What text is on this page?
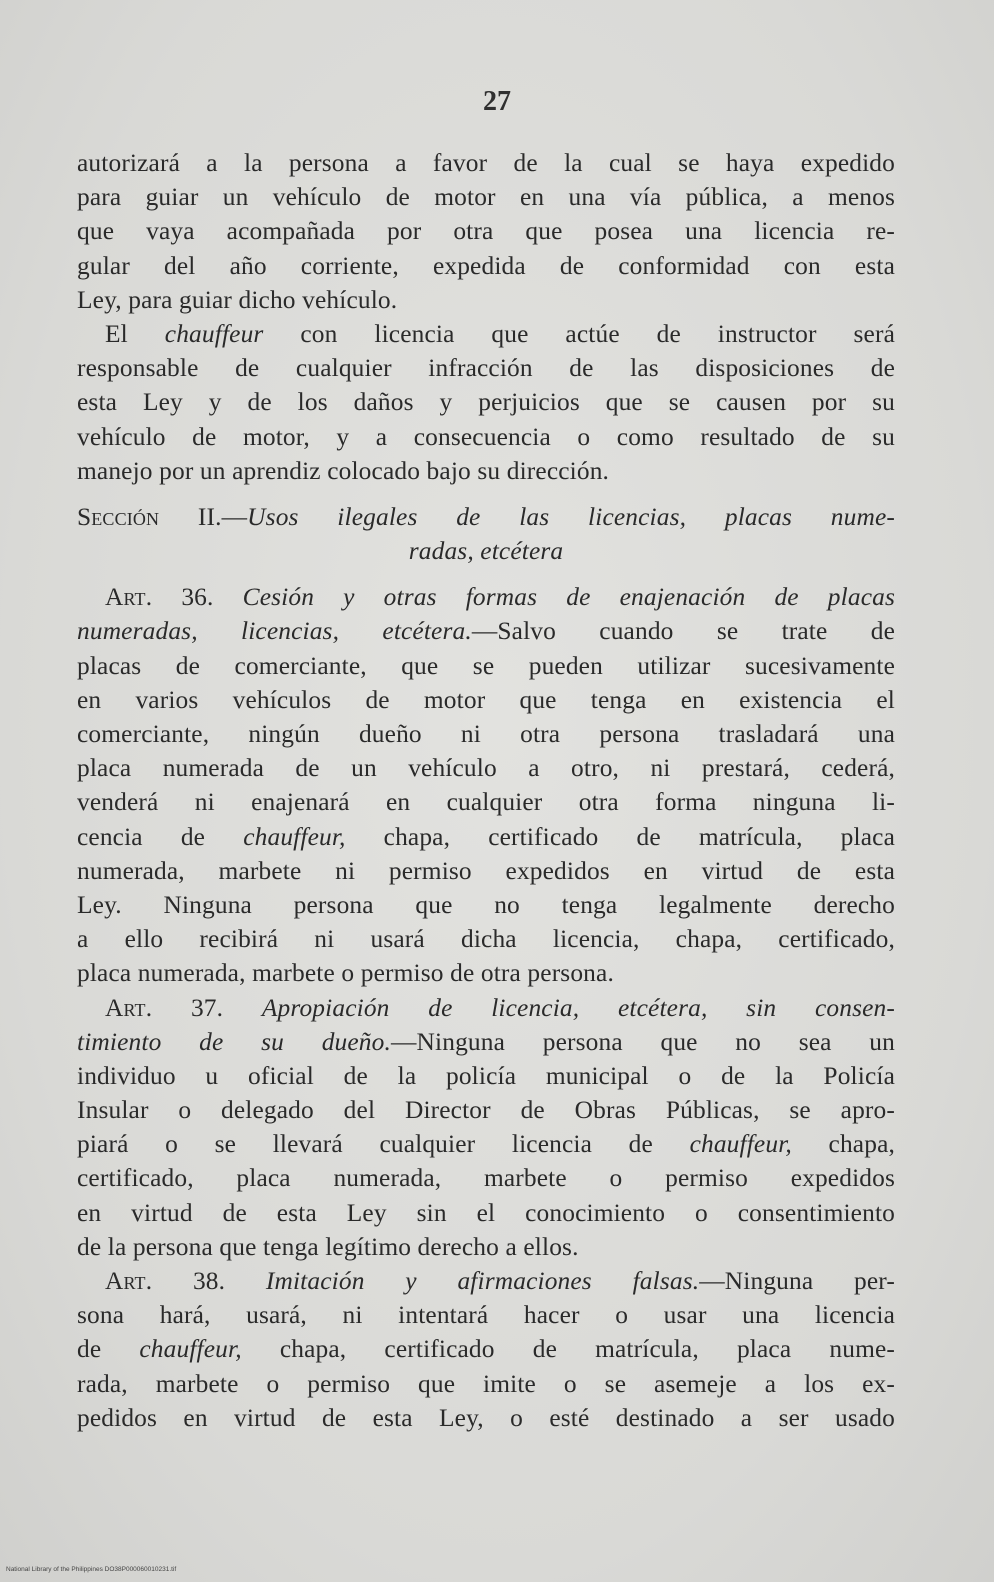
27
autorizará a la persona a favor de la cual se haya expedido
para guiar un vehículo de motor en una vía pública, a menos
que vaya acompañada por otra que posea una licencia re-
gular del año corriente, expedida de conformidad con esta
Ley, para guiar dicho vehículo.
El chauffeur con licencia que actúe de instructor será
responsable de cualquier infracción de las disposiciones de
esta Ley y de los daños y perjuicios que se causen por su
vehículo de motor, y a consecuencia o como resultado de su
manejo por un aprendiz colocado bajo su dirección.
Sección II.—Usos ilegales de las licencias, placas nume-
radas, etcétera
Art. 36. Cesión y otras formas de enajenación de placas
numeradas, licencias, etcétera.—Salvo cuando se trate de
placas de comerciante, que se pueden utilizar sucesivamente
en varios vehículos de motor que tenga en existencia el
comerciante, ningún dueño ni otra persona trasladará una
placa numerada de un vehículo a otro, ni prestará, cederá,
venderá ni enajenará en cualquier otra forma ninguna li-
cencia de chauffeur, chapa, certificado de matrícula, placa
numerada, marbete ni permiso expedidos en virtud de esta
Ley. Ninguna persona que no tenga legalmente derecho
a ello recibirá ni usará dicha licencia, chapa, certificado,
placa numerada, marbete o permiso de otra persona.
Art. 37. Apropiación de licencia, etcétera, sin consen-
timiento de su dueño.—Ninguna persona que no sea un
individuo u oficial de la policía municipal o de la Policía
Insular o delegado del Director de Obras Públicas, se apro-
piará o se llevará cualquier licencia de chauffeur, chapa,
certificado, placa numerada, marbete o permiso expedidos
en virtud de esta Ley sin el conocimiento o consentimiento
de la persona que tenga legítimo derecho a ellos.
Art. 38. Imitación y afirmaciones falsas.—Ninguna per-
sona hará, usará, ni intentará hacer o usar una licencia
de chauffeur, chapa, certificado de matrícula, placa nume-
rada, marbete o permiso que imite o se asemeje a los ex-
pedidos en virtud de esta Ley, o esté destinado a ser usado
National Library of the Philippines DO38P000060010231.tif
